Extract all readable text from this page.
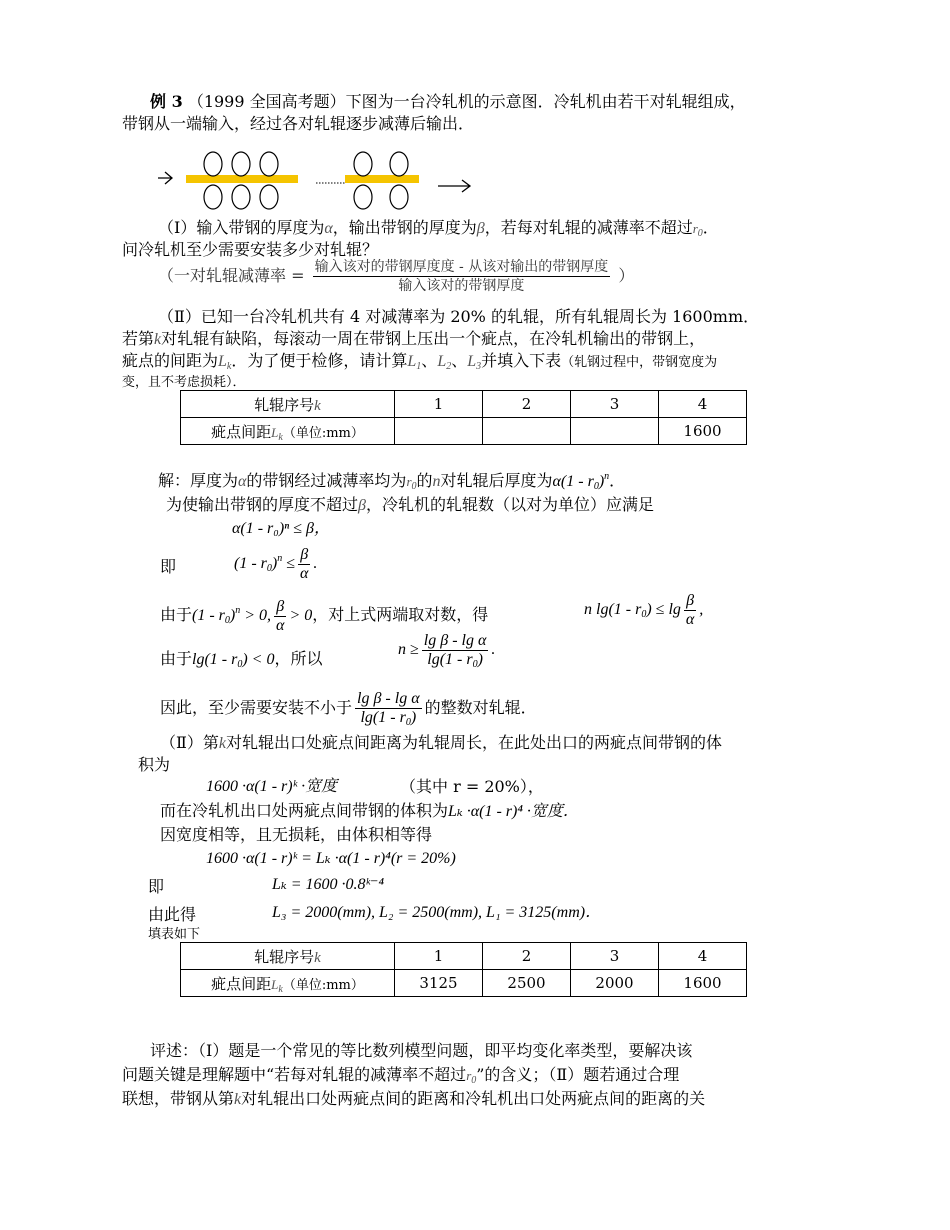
例 3 （1999 全国高考题）下图为一台冷轧机的示意图．冷轧机由若干对轧辊组成，
带钢从一端输入，经过各对轧辊逐步减薄后输出．
（Ⅰ）输入带钢的厚度为α，输出带钢的厚度为β，若每对轧辊的减薄率不超过$r_0$．
问冷轧机至少需要安装多少对轧辊？
（一对轧辊减薄率 = $\frac{\text{输入该对的带钢厚度度 - 从该对输出的带钢厚度}}{\text{输入该对的带钢厚度}}$ ）
（Ⅱ）已知一台冷轧机共有 4 对减薄率为 20% 的轧辊，所有轧辊周长为 1600mm．
若第k对轧辊有缺陷，每滚动一周在带钢上压出一个疵点，在冷轧机输出的带钢上，
疵点的间距为$L_k$．为了便于检修，请计算$L_1$、$L_2$、$L_3$并填入下表（轧钢过程中，带钢宽度为
变，且不考虑损耗）．
轧辊序号k	1	2	3	4
疵点间距$L_k$（单位:mm）				1600
解：厚度为α的带钢经过减薄率均为$r_0$的n对轧辊后厚度为$\alpha(1 - r_0)^n$．
为使输出带钢的厚度不超过β，冷轧机的轧辊数（以对为单位）应满足
α(1 - r₀)ⁿ ≤ β，
即	$(1 - r_0)^n \le \frac{\beta}{\alpha}$ .
由于$(1 - r_0)^n > 0$, $\frac{\beta}{\alpha} > 0$，对上式两端取对数，得	n $\lg(1 - r_0) \le \lg \frac{\beta}{\alpha}$ ,
由于$\lg(1 - r_0) < 0$，所以	$n \ge \frac{\text{lg β - lg α}}{\lg(1 - r_0)}$ .
因此，至少需要安装不小于 $\frac{\text{lg β - lg α}}{\lg(1 - r_0)}$ 的整数对轧辊．
（Ⅱ）第k对轧辊出口处疵点间距离为轧辊周长，在此处出口的两疵点间带钢的体
积为
1600 ·α(1 - r)ᵏ ·宽度	（其中 r = 20%），
而在冷轧机出口处两疵点间带钢的体积为Lₖ ·α(1 - r)⁴ ·宽度．
因宽度相等，且无损耗，由体积相等得
1600 ·α(1 - r)ᵏ = Lₖ ·α(1 - r)⁴(r = 20%)
即	Lₖ = 1600 ·0.8ᵏ⁻⁴
由此得	L₃ = 2000(mm), L₂ = 2500(mm), L₁ = 3125(mm)．
填表如下
轧辊序号k	1	2	3	4
疵点间距$L_k$（单位:mm）	3125	2500	2000	1600
评述：（Ⅰ）题是一个常见的等比数列模型问题，即平均变化率类型，要解决该
问题关键是理解题中“若每对轧辊的减薄率不超过$r_0$”的含义；（Ⅱ）题若通过合理
联想，带钢从第k对轧辊出口处两疵点间的距离和冷轧机出口处两疵点间的距离的关
